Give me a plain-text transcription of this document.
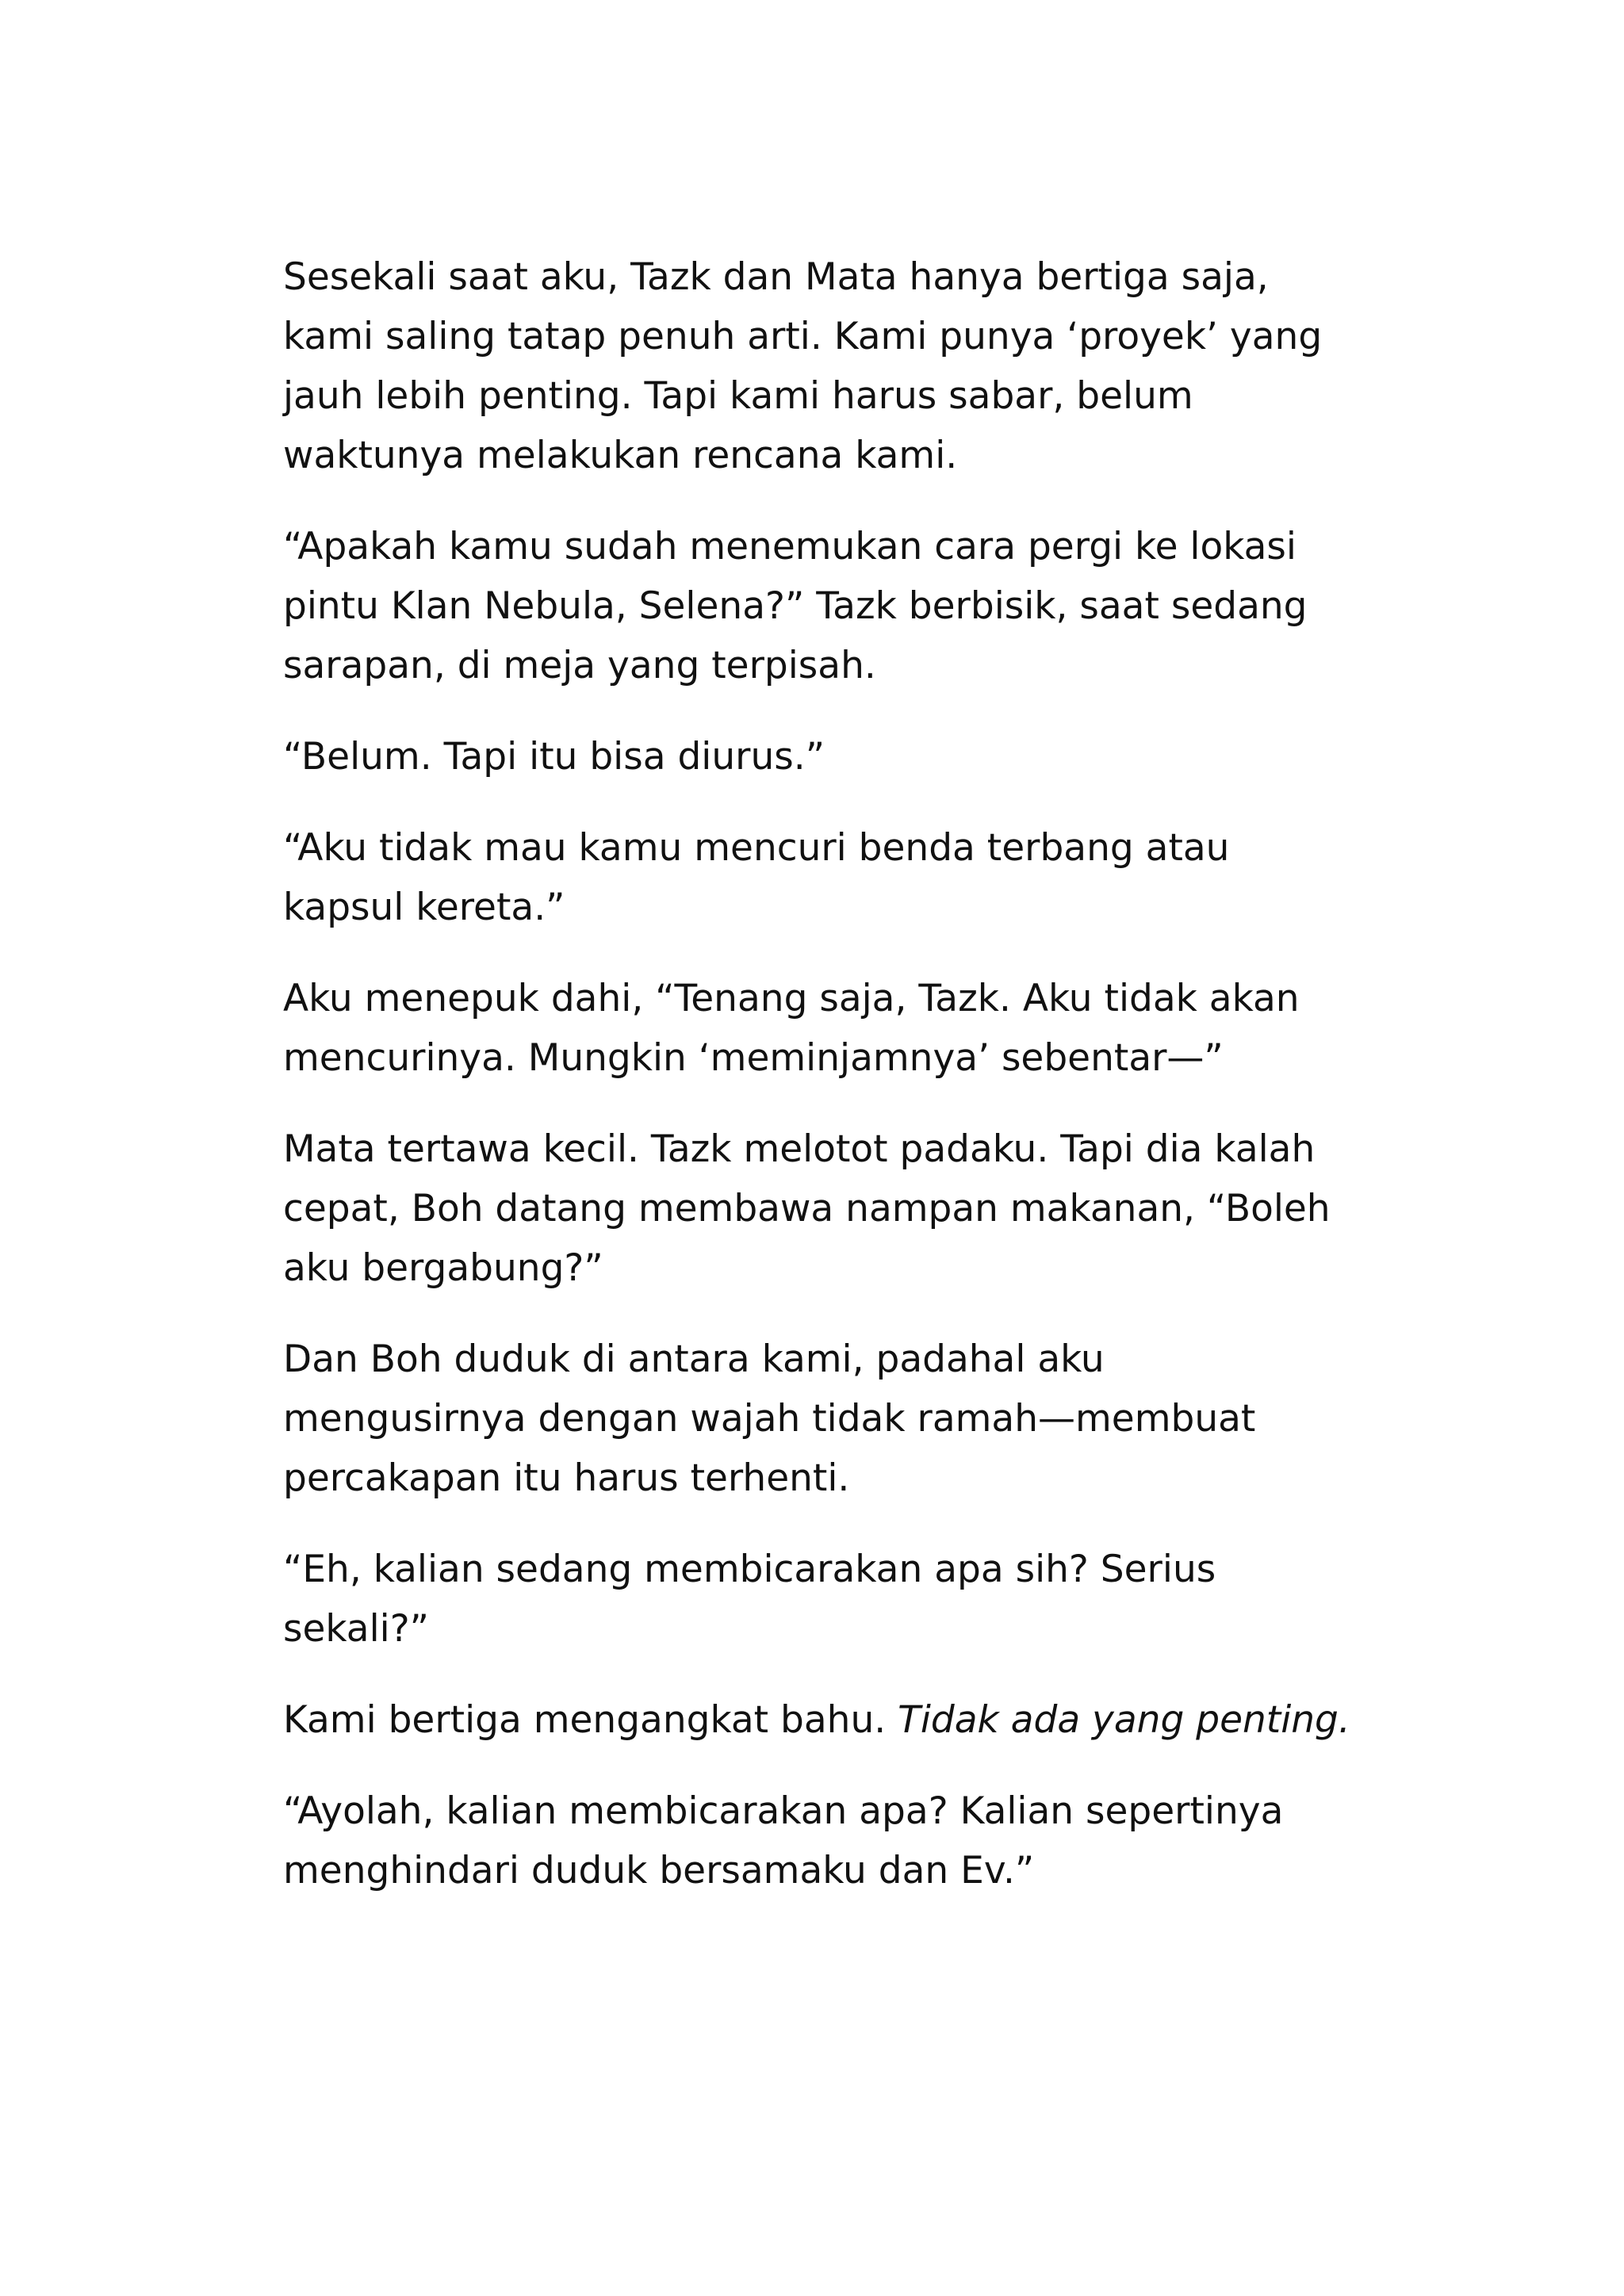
Sesekali saat aku, Tazk dan Mata hanya bertiga saja,
kami saling tatap penuh arti. Kami punya ‘proyek’ yang
jauh lebih penting. Tapi kami harus sabar, belum
waktunya melakukan rencana kami.

“Apakah kamu sudah menemukan cara pergi ke lokasi
pintu Klan Nebula, Selena?” Tazk berbisik, saat sedang
sarapan, di meja yang terpisah.

“Belum. Tapi itu bisa diurus.”

“Aku tidak mau kamu mencuri benda terbang atau
kapsul kereta.”

Aku menepuk dahi, “Tenang saja, Tazk. Aku tidak akan
mencurinya. Mungkin ‘meminjamnya’ sebentar—”

Mata tertawa kecil. Tazk melotot padaku. Tapi dia kalah
cepat, Boh datang membawa nampan makanan, “Boleh
aku bergabung?”

Dan Boh duduk di antara kami, padahal aku
mengusirnya dengan wajah tidak ramah—membuat
percakapan itu harus terhenti.

“Eh, kalian sedang membicarakan apa sih? Serius
sekali?”

Kami bertiga mengangkat bahu. Tidak ada yang penting.

“Ayolah, kalian membicarakan apa? Kalian sepertinya
menghindari duduk bersamaku dan Ev.”
